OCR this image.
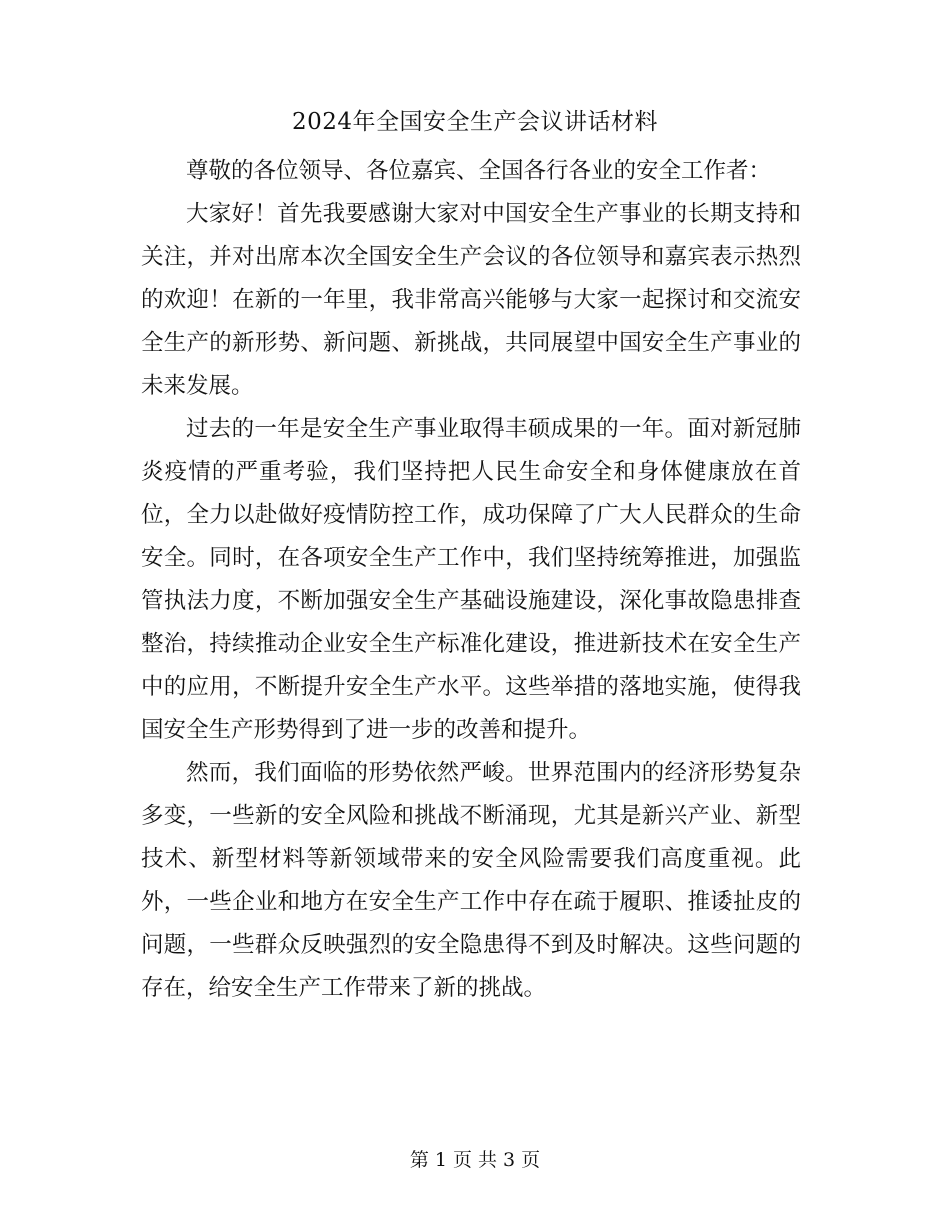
2024年全国安全生产会议讲话材料

尊敬的各位领导、各位嘉宾、全国各行各业的安全工作者：

大家好！首先我要感谢大家对中国安全生产事业的长期支持和关注，并对出席本次全国安全生产会议的各位领导和嘉宾表示热烈的欢迎！在新的一年里，我非常高兴能够与大家一起探讨和交流安全生产的新形势、新问题、新挑战，共同展望中国安全生产事业的未来发展。

过去的一年是安全生产事业取得丰硕成果的一年。面对新冠肺炎疫情的严重考验，我们坚持把人民生命安全和身体健康放在首位，全力以赴做好疫情防控工作，成功保障了广大人民群众的生命安全。同时，在各项安全生产工作中，我们坚持统筹推进，加强监管执法力度，不断加强安全生产基础设施建设，深化事故隐患排查整治，持续推动企业安全生产标准化建设，推进新技术在安全生产中的应用，不断提升安全生产水平。这些举措的落地实施，使得我国安全生产形势得到了进一步的改善和提升。

然而，我们面临的形势依然严峻。世界范围内的经济形势复杂多变，一些新的安全风险和挑战不断涌现，尤其是新兴产业、新型技术、新型材料等新领域带来的安全风险需要我们高度重视。此外，一些企业和地方在安全生产工作中存在疏于履职、推诿扯皮的问题，一些群众反映强烈的安全隐患得不到及时解决。这些问题的存在，给安全生产工作带来了新的挑战。

第 1 页 共 3 页
